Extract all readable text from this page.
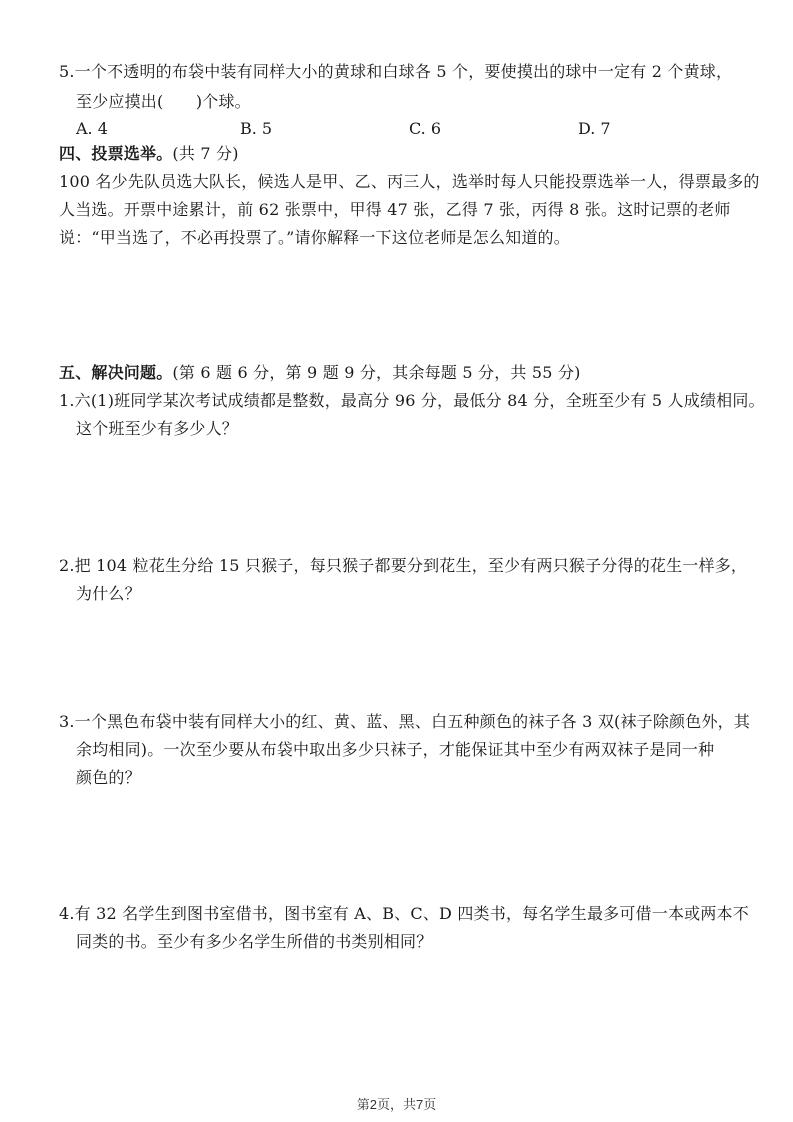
5.一个不透明的布袋中装有同样大小的黄球和白球各 5 个，要使摸出的球中一定有 2 个黄球，
至少应摸出(　　)个球。
A. 4	B. 5	C. 6	D. 7
四、投票选举。(共 7 分)
100 名少先队员选大队长，候选人是甲、乙、丙三人，选举时每人只能投票选举一人，得票最多的
人当选。开票中途累计，前 62 张票中，甲得 47 张，乙得 7 张，丙得 8 张。这时记票的老师
说：“甲当选了，不必再投票了。”请你解释一下这位老师是怎么知道的。
五、解决问题。(第 6 题 6 分，第 9 题 9 分，其余每题 5 分，共 55 分)
1.六(1)班同学某次考试成绩都是整数，最高分 96 分，最低分 84 分，全班至少有 5 人成绩相同。
这个班至少有多少人？
2.把 104 粒花生分给 15 只猴子，每只猴子都要分到花生，至少有两只猴子分得的花生一样多，
为什么？
3.一个黑色布袋中装有同样大小的红、黄、蓝、黑、白五种颜色的袜子各 3 双(袜子除颜色外，其
余均相同)。一次至少要从布袋中取出多少只袜子，才能保证其中至少有两双袜子是同一种
颜色的？
4.有 32 名学生到图书室借书，图书室有 A、B、C、D 四类书，每名学生最多可借一本或两本不
同类的书。至少有多少名学生所借的书类别相同？
第2页，共7页
